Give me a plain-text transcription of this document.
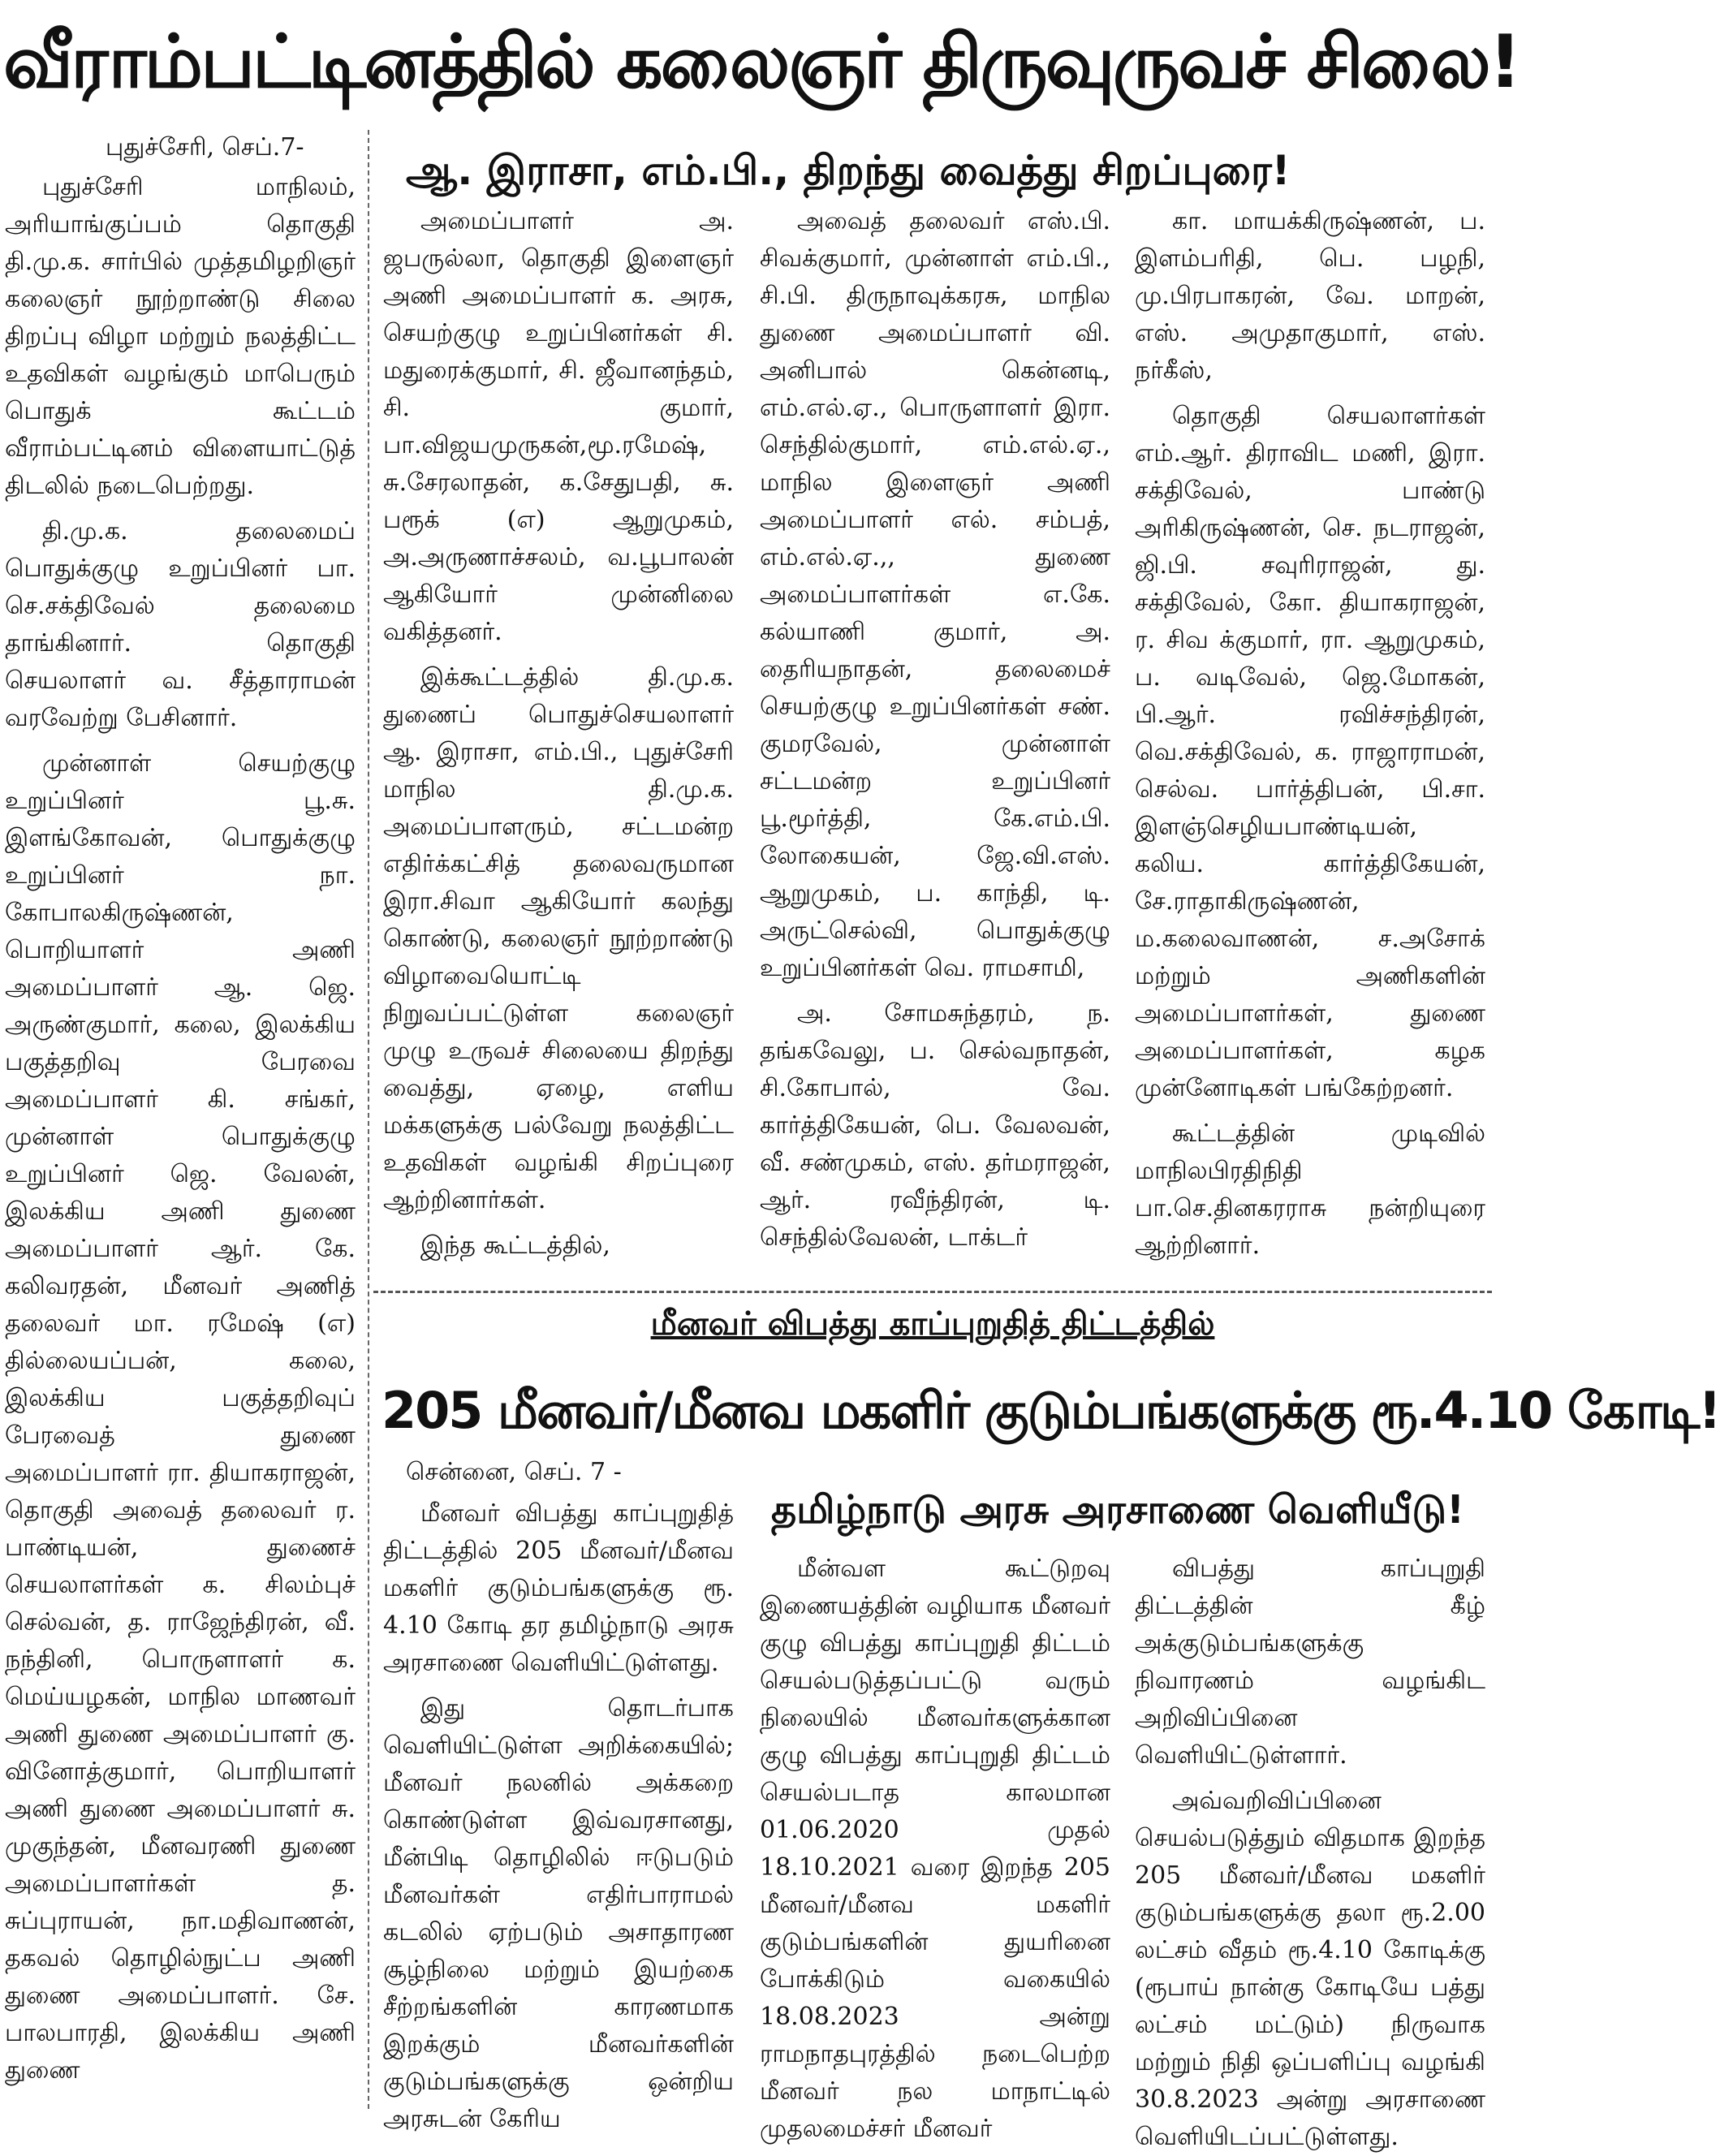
வீராம்பட்டினத்தில் கலைஞர் திருவுருவச் சிலை!
புதுச்சேரி, செப்.7-	ஆ. இராசா, எம்.பி., திறந்து வைத்து சிறப்புரை!

புதுச்சேரி மாநிலம், அரியாங்குப்பம் தொகுதி தி.மு.க. சார்பில் முத்தமிழறிஞர் கலைஞர் நூற்றாண்டு சிலை திறப்பு விழா மற்றும் நலத்திட்ட உதவிகள் வழங்கும் மாபெரும் பொதுக் கூட்டம் வீராம்பட்டினம் விளையாட்டுத் திடலில் நடைபெற்றது.

தி.மு.க. தலைமைப் பொதுக்குழு உறுப்பினர் பா. செ.சக்திவேல் தலைமை தாங்கினார். தொகுதி செயலாளர் வ. சீத்தாராமன் வரவேற்று பேசினார்.

முன்னாள் செயற்குழு உறுப்பினர் பூ.சு. இளங்கோவன், பொதுக்குழு உறுப்பினர் நா. கோபாலகிருஷ்ணன், பொறியாளர் அணி அமைப்பாளர் ஆ. ஜெ. அருண்குமார், கலை, இலக்கிய பகுத்தறிவு பேரவை அமைப்பாளர் கி. சங்கர், முன்னாள் பொதுக்குழு உறுப்பினர் ஜெ. வேலன், இலக்கிய அணி துணை அமைப்பாளர் ஆர். கே. கலிவரதன், மீனவர் அணித் தலைவர் மா. ரமேஷ் (எ) தில்லையப்பன், கலை, இலக்கிய பகுத்தறிவுப் பேரவைத் துணை அமைப்பாளர் ரா. தியாகராஜன், தொகுதி அவைத் தலைவர் ர. பாண்டியன், துணைச் செயலாளர்கள் க. சிலம்புச் செல்வன், த. ராஜேந்திரன், வீ. நந்தினி, பொருளாளர் க. மெய்யழகன், மாநில மாணவர் அணி துணை அமைப்பாளர் கு. வினோத்குமார், பொறியாளர் அணி துணை அமைப்பாளர் சு. முகுந்தன், மீனவரணி துணை அமைப்பாளர்கள் த. சுப்புராயன், நா.மதிவாணன், தகவல் தொழில்நுட்ப அணி துணை அமைப்பாளர். சே. பாலபாரதி, இலக்கிய அணி துணை

அமைப்பாளர் அ. ஜபருல்லா, தொகுதி இளைஞர் அணி அமைப்பாளர் க. அரசு, செயற்குழு உறுப்பினர்கள் சி. மதுரைக்குமார், சி. ஜீவானந்தம், சி. குமார், பா.விஜயமுருகன்,மூ.ரமேஷ், சு.சேரலாதன், க.சேதுபதி, சு. பரூக் (எ) ஆறுமுகம், அ.அருணாச்சலம், வ.பூபாலன் ஆகியோர் முன்னிலை வகித்தனர்.

இக்கூட்டத்தில் தி.மு.க. துணைப் பொதுச்செயலாளர் ஆ. இராசா, எம்.பி., புதுச்சேரி மாநில தி.மு.க. அமைப்பாளரும், சட்டமன்ற எதிர்க்கட்சித் தலைவருமான இரா.சிவா ஆகியோர் கலந்து கொண்டு, கலைஞர் நூற்றாண்டு விழாவையொட்டி நிறுவப்பட்டுள்ள கலைஞர் முழு உருவச் சிலையை திறந்து வைத்து, ஏழை, எளிய மக்களுக்கு பல்வேறு நலத்திட்ட உதவிகள் வழங்கி சிறப்புரை ஆற்றினார்கள்.

இந்த கூட்டத்தில்,

அவைத் தலைவர் எஸ்.பி. சிவக்குமார், முன்னாள் எம்.பி., சி.பி. திருநாவுக்கரசு, மாநில துணை அமைப்பாளர் வி. அனிபால் கென்னடி, எம்.எல்.ஏ., பொருளாளர் இரா. செந்தில்குமார், எம்.எல்.ஏ., மாநில இளைஞர் அணி அமைப்பாளர் எல். சம்பத், எம்.எல்.ஏ.,, துணை அமைப்பாளர்கள் எ.கே. கல்யாணி குமார், அ. தைரியநாதன், தலைமைச் செயற்குழு உறுப்பினர்கள் சண். குமரவேல், முன்னாள் சட்டமன்ற உறுப்பினர் பூ.மூர்த்தி, கே.எம்.பி. லோகையன், ஜே.வி.எஸ். ஆறுமுகம், ப. காந்தி, டி. அருட்செல்வி, பொதுக்குழு உறுப்பினர்கள் வெ. ராமசாமி,

அ. சோமசுந்தரம், ந. தங்கவேலு, ப. செல்வநாதன், சி.கோபால், வே. கார்த்திகேயன், பெ. வேலவன், வீ. சண்முகம், எஸ். தர்மராஜன், ஆர். ரவீந்திரன், டி. செந்தில்வேலன், டாக்டர்

கா. மாயக்கிருஷ்ணன், ப. இளம்பரிதி, பெ. பழநி, மு.பிரபாகரன், வே. மாறன், எஸ். அமுதாகுமார், எஸ். நர்கீஸ்,

தொகுதி செயலாளர்கள் எம்.ஆர். திராவிட மணி, இரா. சக்திவேல், பாண்டு அரிகிருஷ்ணன், செ. நடராஜன், ஜி.பி. சவுரிராஜன், து. சக்திவேல், கோ. தியாகராஜன், ர. சிவ க்குமார், ரா. ஆறுமுகம், ப. வடிவேல், ஜெ.மோகன், பி.ஆர். ரவிச்சந்திரன், வெ.சக்திவேல், க. ராஜாராமன், செல்வ. பார்த்திபன், பி.சா. இளஞ்செழியபாண்டியன், கலிய. கார்த்திகேயன், சே.ராதாகிருஷ்ணன், ம.கலைவாணன், ச.அசோக் மற்றும் அணிகளின் அமைப்பாளர்கள், துணை அமைப்பாளர்கள், கழக முன்னோடிகள் பங்கேற்றனர்.

கூட்டத்தின் முடிவில் மாநிலபிரதிநிதி பா.செ.தினகரராசு நன்றியுரை ஆற்றினார்.

மீனவர் விபத்து காப்புறுதித் திட்டத்தில்
205 மீனவர்/மீனவ மகளிர் குடும்பங்களுக்கு ரூ.4.10 கோடி!
சென்னை, செப். 7 -
தமிழ்நாடு அரசு அரசாணை வெளியீடு!

மீனவர் விபத்து காப்புறுதித் திட்டத்தில் 205 மீனவர்/மீனவ மகளிர் குடும்பங்களுக்கு ரூ. 4.10 கோடி தர தமிழ்நாடு அரசு அரசாணை வெளியிட்டுள்ளது.

இது தொடர்பாக வெளியிட்டுள்ள அறிக்கையில்; மீனவர் நலனில் அக்கறை கொண்டுள்ள இவ்வரசானது, மீன்பிடி தொழிலில் ஈடுபடும் மீனவர்கள் எதிர்பாராமல் கடலில் ஏற்படும் அசாதாரண சூழ்நிலை மற்றும் இயற்கை சீற்றங்களின் காரணமாக இறக்கும் மீனவர்களின் குடும்பங்களுக்கு ஒன்றிய அரசுடன் கேரிய

மீன்வள கூட்டுறவு இணையத்தின் வழியாக மீனவர் குழு விபத்து காப்புறுதி திட்டம் செயல்படுத்தப்பட்டு வரும் நிலையில் மீனவர்களுக்கான குழு விபத்து காப்புறுதி திட்டம் செயல்படாத காலமான 01.06.2020 முதல் 18.10.2021 வரை இறந்த 205 மீனவர்/மீனவ மகளிர் குடும்பங்களின் துயரினை போக்கிடும் வகையில் 18.08.2023 அன்று ராமநாதபுரத்தில் நடைபெற்ற மீனவர் நல மாநாட்டில் முதலமைச்சர் மீனவர்

விபத்து காப்புறுதி திட்டத்தின் கீழ் அக்குடும்பங்களுக்கு நிவாரணம் வழங்கிட அறிவிப்பினை வெளியிட்டுள்ளார்.

அவ்வறிவிப்பினை செயல்படுத்தும் விதமாக இறந்த 205 மீனவர்/மீனவ மகளிர் குடும்பங்களுக்கு தலா ரூ.2.00 லட்சம் வீதம் ரூ.4.10 கோடிக்கு (ரூபாய் நான்கு கோடியே பத்து லட்சம் மட்டும்) நிருவாக மற்றும் நிதி ஒப்பளிப்பு வழங்கி 30.8.2023 அன்று அரசாணை வெளியிடப்பட்டுள்ளது.
